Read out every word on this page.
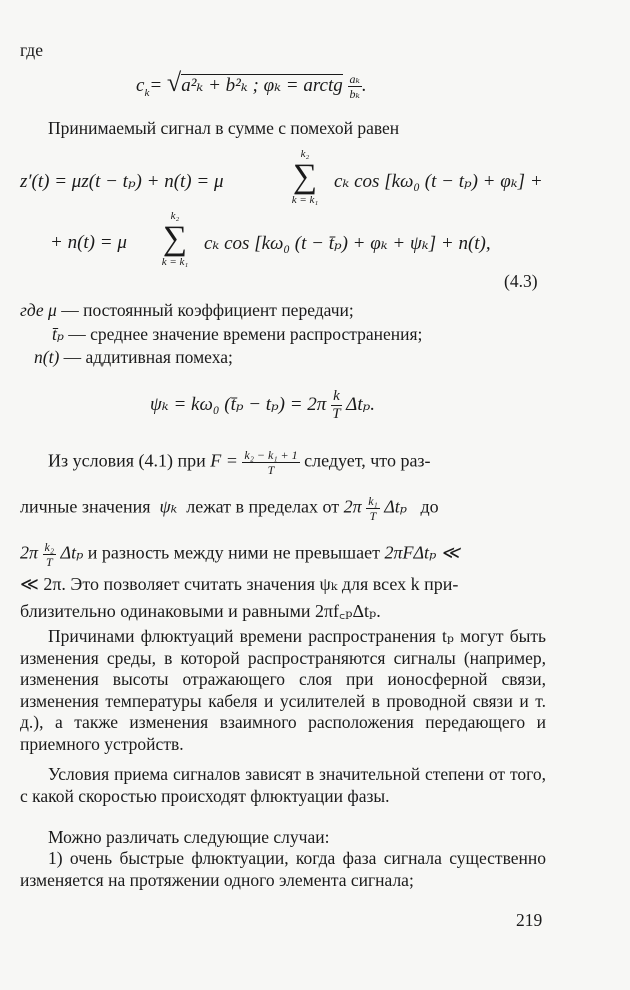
где
$c_k= √a^2_k + b^2_k$ ; φₖ = arctg $\frac{\text{aₖ}}{\text{bₖ}}$ .
Принимаемый сигнал в сумме с помехой равен
z′(t) = μz(t − tₚ) + n(t) = μ
k₂
∑
k = k₁
cₖ cos [kω₀ (t − tₚ) + φₖ] +
+ n(t) = μ
k₂
∑
k = k₁
cₖ cos [kω₀ (t − t̄ₚ) + φₖ + ψₖ] + n(t),
(4.3)
где μ — постоянный коэффициент передачи;
t̄ₚ — среднее значение времени распространения;
n(t) — аддитивная помеха;
ψₖ = kω₀ (t̄ₚ − $t_p) = 2\pi \frac{k}{T} \Delta t_p$.
Из условия (4.1) при $F = \frac{\text{k₂ − k₁ + 1}}{T}$ следует, что раз-
личные значения ψₖ лежат в пределах от $2\pi \frac{\text{k₁}}{T}$ Δtₚ до
$2\pi \frac{\text{k₂}}{T}$ Δtₚ и разность между ними не превышает 2πFΔtₚ ≪
≪ 2π. Это позволяет считать значения ψₖ для всех k при-
близительно одинаковыми и равными 2πf꜀ₚΔtₚ.
Причинами флюктуаций времени распространения tₚ могут быть изменения среды, в которой распространяются сигналы (например, изменения высоты отражающего слоя при ионосферной связи, изменения температуры кабеля и усилителей в проводной связи и т. д.), а также изменения взаимного расположения передающего и приемного устройств.
Условия приема сигналов зависят в значительной степени от того, с какой скоростью происходят флюктуации фазы.
Можно различать следующие случаи:
1) очень быстрые флюктуации, когда фаза сигнала существенно изменяется на протяжении одного элемента сигнала;
219
